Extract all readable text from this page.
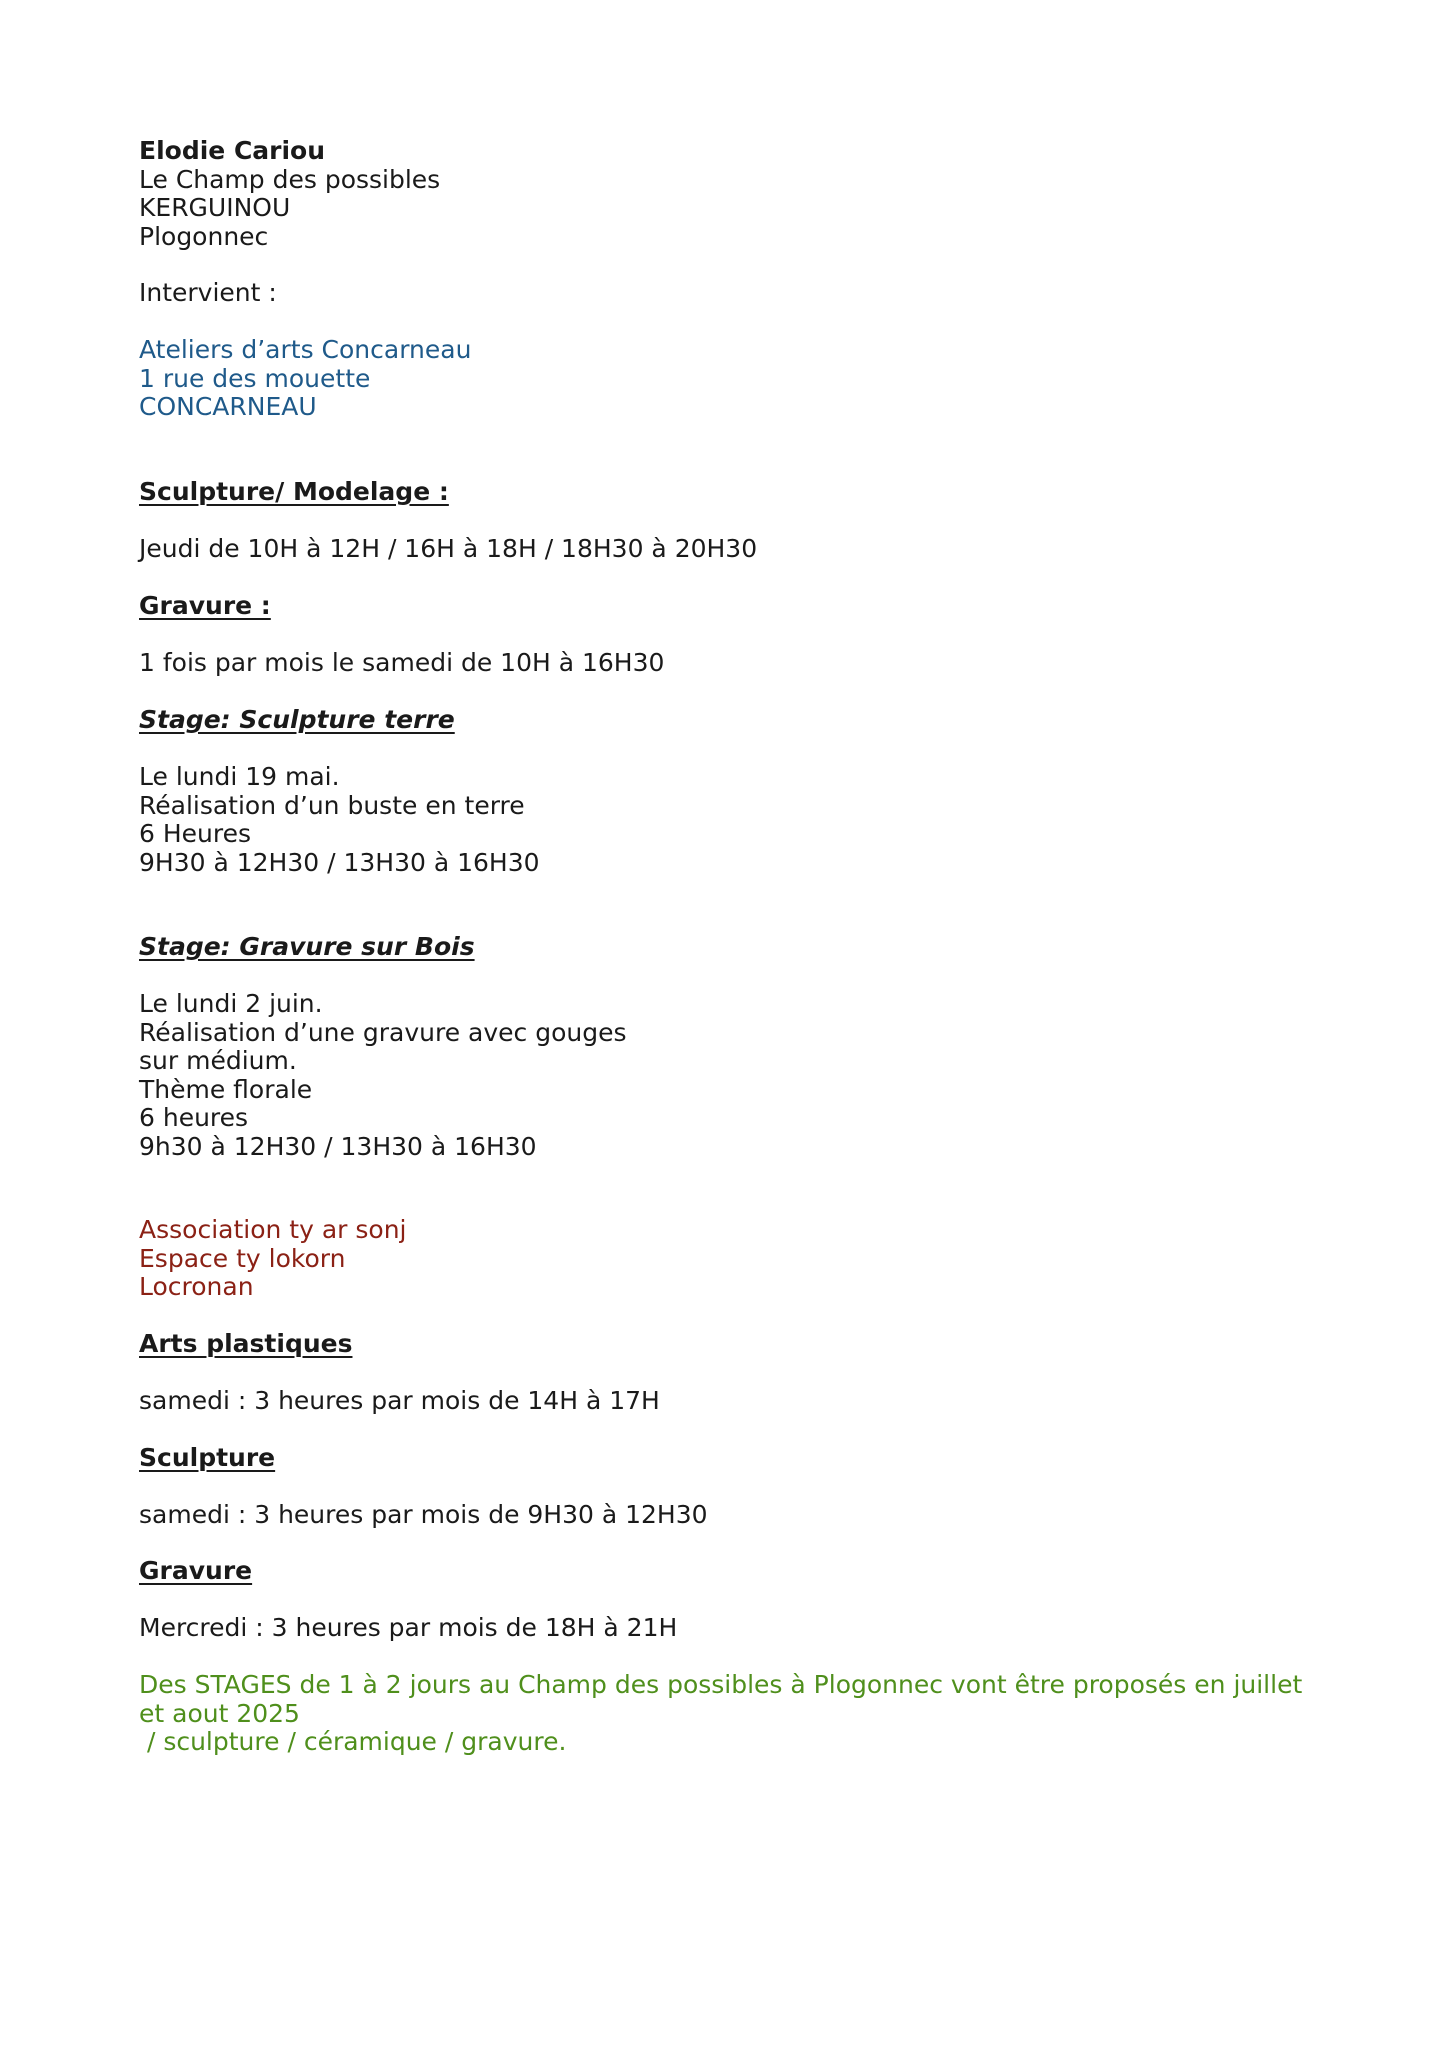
Elodie Cariou
Le Champ des possibles
KERGUINOU
Plogonnec
Intervient :
Ateliers d’arts Concarneau
1 rue des mouette
CONCARNEAU
Sculpture/ Modelage :
Jeudi de 10H à 12H / 16H à 18H / 18H30 à 20H30
Gravure :
1 fois par mois le samedi de 10H à 16H30
Stage: Sculpture terre
Le lundi 19 mai.
Réalisation d’un buste en terre
6 Heures
9H30 à 12H30 / 13H30 à 16H30
Stage: Gravure sur Bois
Le lundi 2 juin.
Réalisation d’une gravure avec gouges
sur médium.
Thème florale
6 heures
9h30 à 12H30 / 13H30 à 16H30
Association ty ar sonj
Espace ty lokorn
Locronan
Arts plastiques
samedi : 3 heures par mois de 14H à 17H
Sculpture
samedi : 3 heures par mois de 9H30 à 12H30
Gravure
Mercredi : 3 heures par mois de 18H à 21H
Des STAGES de 1 à 2 jours au Champ des possibles à Plogonnec vont être proposés en juillet
et aout 2025
/ sculpture / céramique / gravure.
